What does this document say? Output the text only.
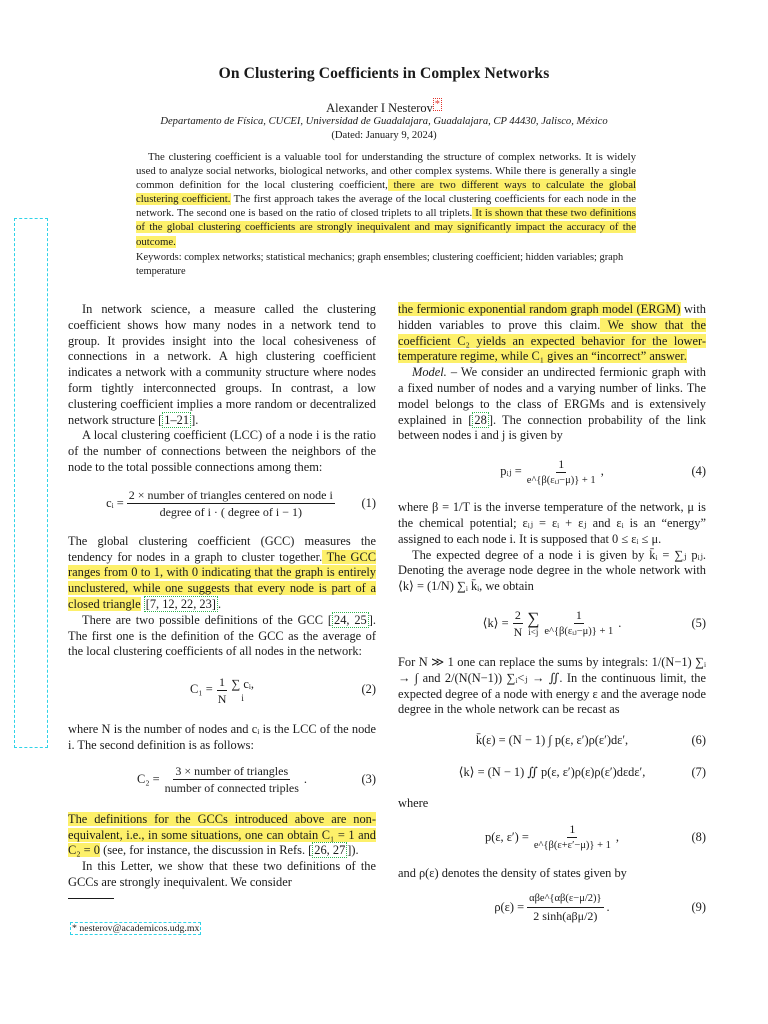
On Clustering Coefficients in Complex Networks
Alexander I Nesterov *
Departamento de Física, CUCEI, Universidad de Guadalajara, Guadalajara, CP 44430, Jalisco, México
(Dated: January 9, 2024)
The clustering coefficient is a valuable tool for understanding the structure of complex networks. It is widely used to analyze social networks, biological networks, and other complex systems. While there is generally a single common definition for the local clustering coefficient, there are two different ways to calculate the global clustering coefficient. The first approach takes the average of the local clustering coefficients for each node in the network. The second one is based on the ratio of closed triplets to all triplets. It is shown that these two definitions of the global clustering coefficients are strongly inequivalent and may significantly impact the accuracy of the outcome.
Keywords: complex networks; statistical mechanics; graph ensembles; clustering coefficient; hidden variables; graph temperature

In network science, a measure called the clustering coefficient shows how many nodes in a network tend to group. It provides insight into the local cohesiveness of connections in a network. A high clustering coefficient indicates a network with a community structure where nodes form tightly interconnected groups. In contrast, a low clustering coefficient implies a more random or decentralized network structure [ 1–21 ].

A local clustering coefficient (LCC) of a node i is the ratio of the number of connections between the neighbors of the node to the total possible connections among them:

cᵢ = $\frac{\text{2 × number of triangles centered on node i}}{\text{degree of i · ( degree of i − 1)}} (1)$

The global clustering coefficient (GCC) measures the tendency for nodes in a graph to cluster together. The GCC ranges from 0 to 1, with 0 indicating that the graph is entirely unclustered, while one suggests that every node is part of a closed triangle [7, 12, 22, 23] .

There are two possible definitions of the GCC [ 24, 25 ]. The first one is the definition of the GCC as the average of the local clustering coefficients of all nodes in the network:

$C_1 = \frac{1}{N}$ ∑ cᵢ,
i
(2)

where N is the number of nodes and cᵢ is the LCC of the node i. The second definition is as follows:

$C_2 = \frac{\text{3 × number of triangles}}{\text{number of connected triples}}$ .	(3)

The definitions for the GCCs introduced above are non-equivalent, i.e., in some situations, one can obtain C₁ = 1 and C₂ = 0 (see, for instance, the discussion in Refs. [ 26, 27 ]).

In this Letter, we show that these two definitions of the GCCs are strongly inequivalent. We consider

* nesterov@academicos.udg.mx

the fermionic exponential random graph model (ERGM) with hidden variables to prove this claim. We show that the coefficient C₂ yields an expected behavior for the lower-temperature regime, while C₁ gives an “incorrect” answer.

Model. – We consider an undirected fermionic graph with a fixed number of nodes and a varying number of links. The model belongs to the class of ERGMs and is extensively explained in [ 28 ]. The connection probability of the link between nodes i and j is given by

pᵢⱼ = $\frac{1}{\text{e\textasciicircum{}\{β(εᵢⱼ−μ)\} + 1}}$ ,	(4)

where β = 1/T is the inverse temperature of the network, μ is the chemical potential; εᵢⱼ = εᵢ + εⱼ and εᵢ is an “energy” assigned to each node i. It is supposed that 0 ≤ εᵢ ≤ μ.

The expected degree of a node i is given by k̄ᵢ = ∑ⱼ pᵢⱼ. Denoting the average node degree in the whole network with ⟨k⟩ = (1/N) ∑ᵢ k̄ᵢ, we obtain

⟨k⟩ = $\frac{2}{N}$ ∑
$i<j \frac{1}{\text{e\textasciicircum{}\{β(εᵢⱼ−μ)\} + 1}}$ .	(5)

For N ≫ 1 one can replace the sums by integrals: 1/(N−1) ∑ᵢ → ∫ and 2/(N(N−1)) ∑ᵢ<ⱼ → ∬. In the continuous limit, the expected degree of a node with energy ε and the average node degree in the whole network can be recast as

k̄(ε) = (N − 1) ∫ p(ε, ε′)ρ(ε′)dε′,	(6)
⟨k⟩ = (N − 1) ∬ p(ε, ε′)ρ(ε)ρ(ε′)dεdε′,	(7)

where

p(ε, $\varepsilon') = \frac{1}{e\^{}\{\beta(\varepsilon+\varepsilon'-\mu)\} + 1}$ ,	(8)

and ρ(ε) denotes the density of states given by

$\rho(\varepsilon) = \frac{\text{αβe\textasciicircum{}\{αβ(ε−μ/2)\}}}{\text{2 sinh(aβμ/2)}}$ .	(9)
